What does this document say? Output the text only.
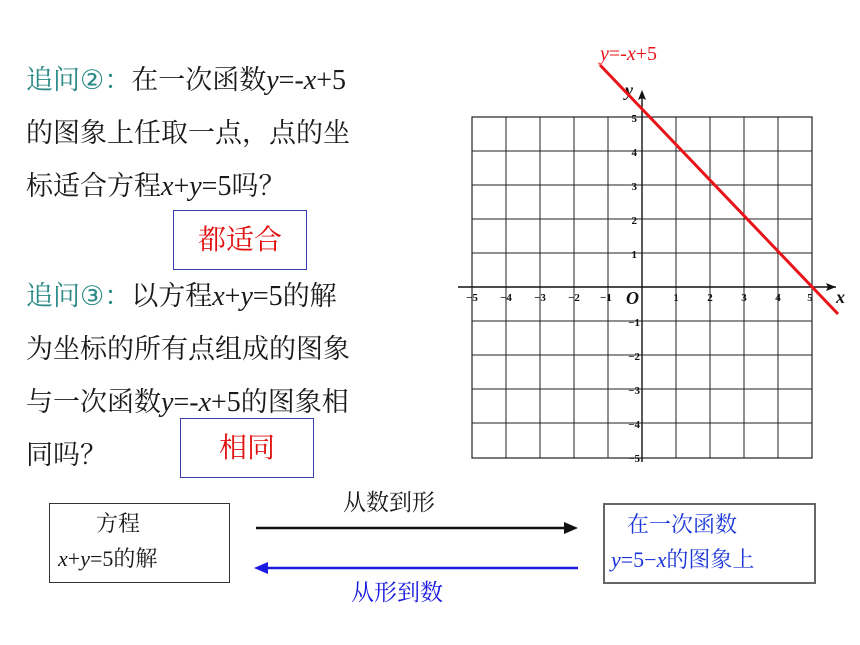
追问②：在一次函数y=-x+5
的图象上任取一点，点的坐
标适合方程x+y=5吗？
都适合
追问③：以方程x+y=5的解
为坐标的所有点组成的图象
与一次函数y=-x+5的图象相
同吗？	相同
x
y
O
−5 −4 −3 −2 −1	1	2	3	4 5
5
4
3
2
1
−1
−2
−3
−4
−5
y=-x+5
方程
x+y=5的解
在一次函数
y=5−x的图象上
从数到形
从形到数
